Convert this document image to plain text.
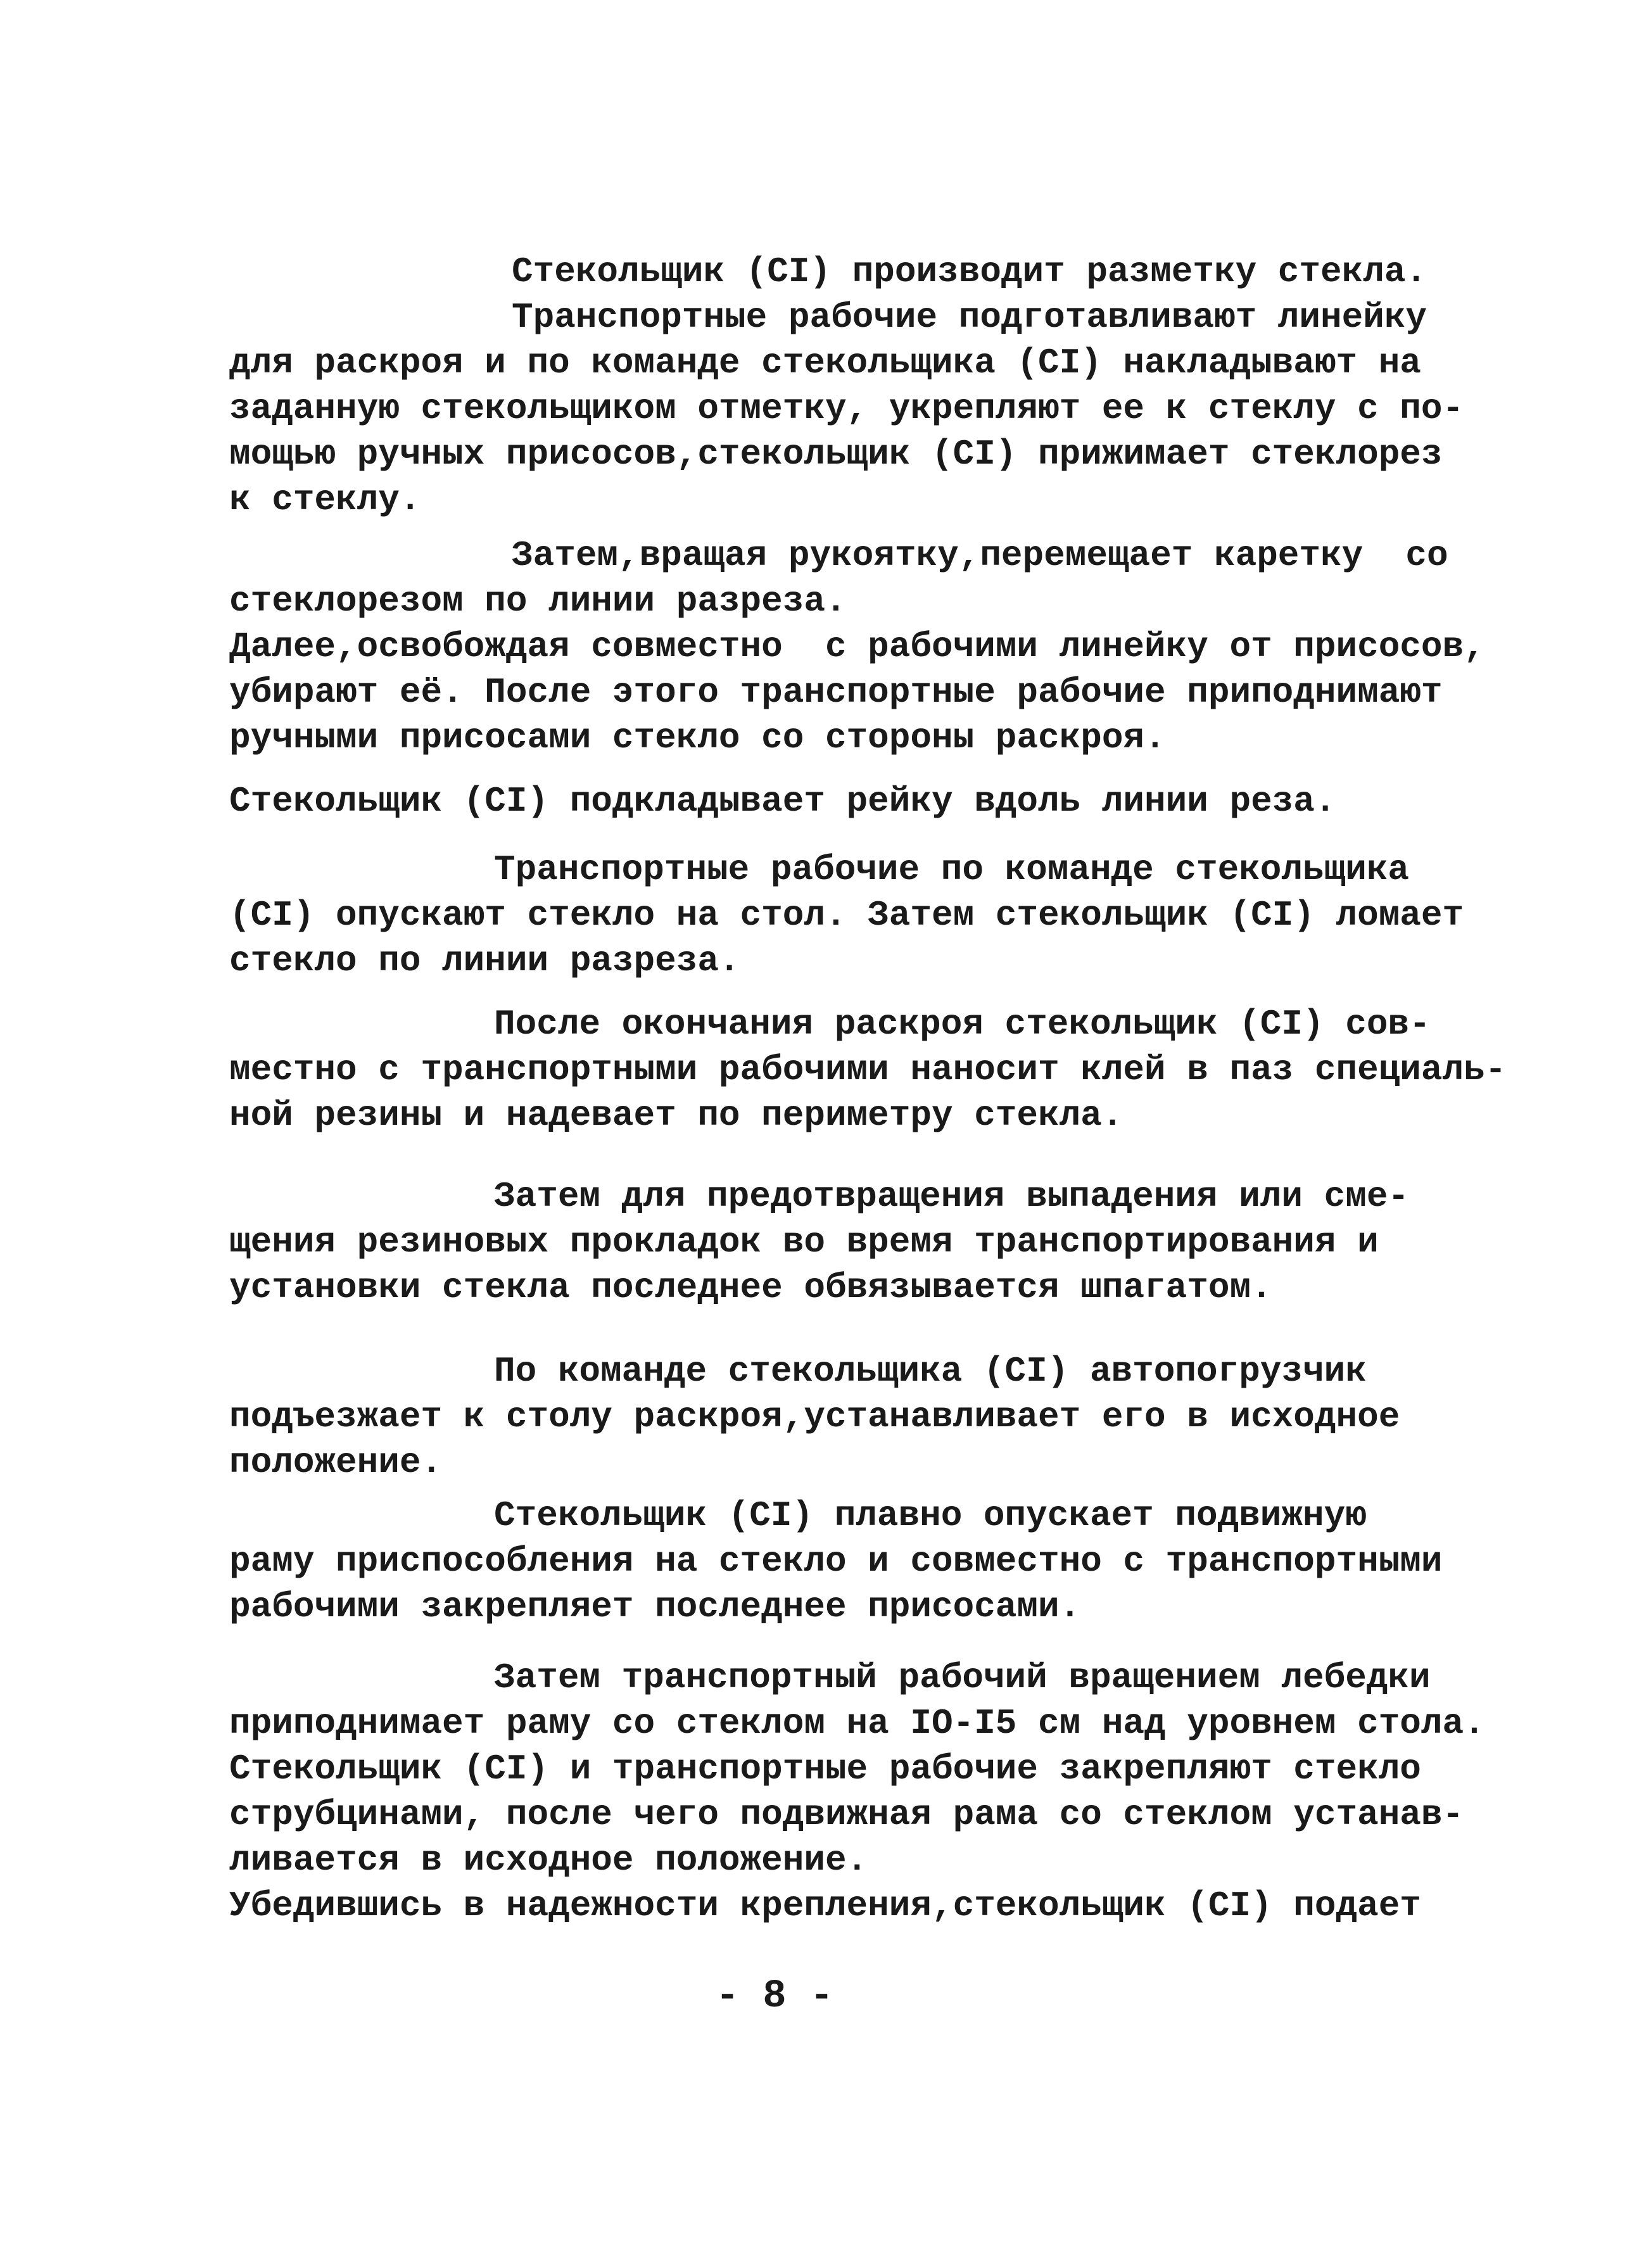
Стекольщик (CI) производит разметку стекла.
Транспортные рабочие подготавливают линейку
для раскроя и по команде стекольщика (CI) накладывают на
заданную стекольщиком отметку, укрепляют ее к стеклу с по-
мощью ручных присосов,стекольщик (CI) прижимает стеклорез
к стеклу.
Затем,вращая рукоятку,перемещает каретку  со
стеклорезом по линии разреза.
Далее,освобождая совместно  с рабочими линейку от присосов,
убирают её. После этого транспортные рабочие приподнимают
ручными присосами стекло со стороны раскроя.
Стекольщик (CI) подкладывает рейку вдоль линии реза.
Транспортные рабочие по команде стекольщика
(CI) опускают стекло на стол. Затем стекольщик (CI) ломает
стекло по линии разреза.
После окончания раскроя стекольщик (CI) сов-
местно с транспортными рабочими наносит клей в паз специаль-
ной резины и надевает по периметру стекла.
Затем для предотвращения выпадения или сме-
щения резиновых прокладок во время транспортирования и
установки стекла последнее обвязывается шпагатом.
По команде стекольщика (CI) автопогрузчик
подъезжает к столу раскроя,устанавливает его в исходное
положение.
Стекольщик (CI) плавно опускает подвижную
раму приспособления на стекло и совместно с транспортными
рабочими закрепляет последнее присосами.
Затем транспортный рабочий вращением лебедки
приподнимает раму со стеклом на IO-I5 см над уровнем стола.
Стекольщик (CI) и транспортные рабочие закрепляют стекло
струбцинами, после чего подвижная рама со стеклом устанав-
ливается в исходное положение.
Убедившись в надежности крепления,стекольщик (CI) подает
- 8 -
